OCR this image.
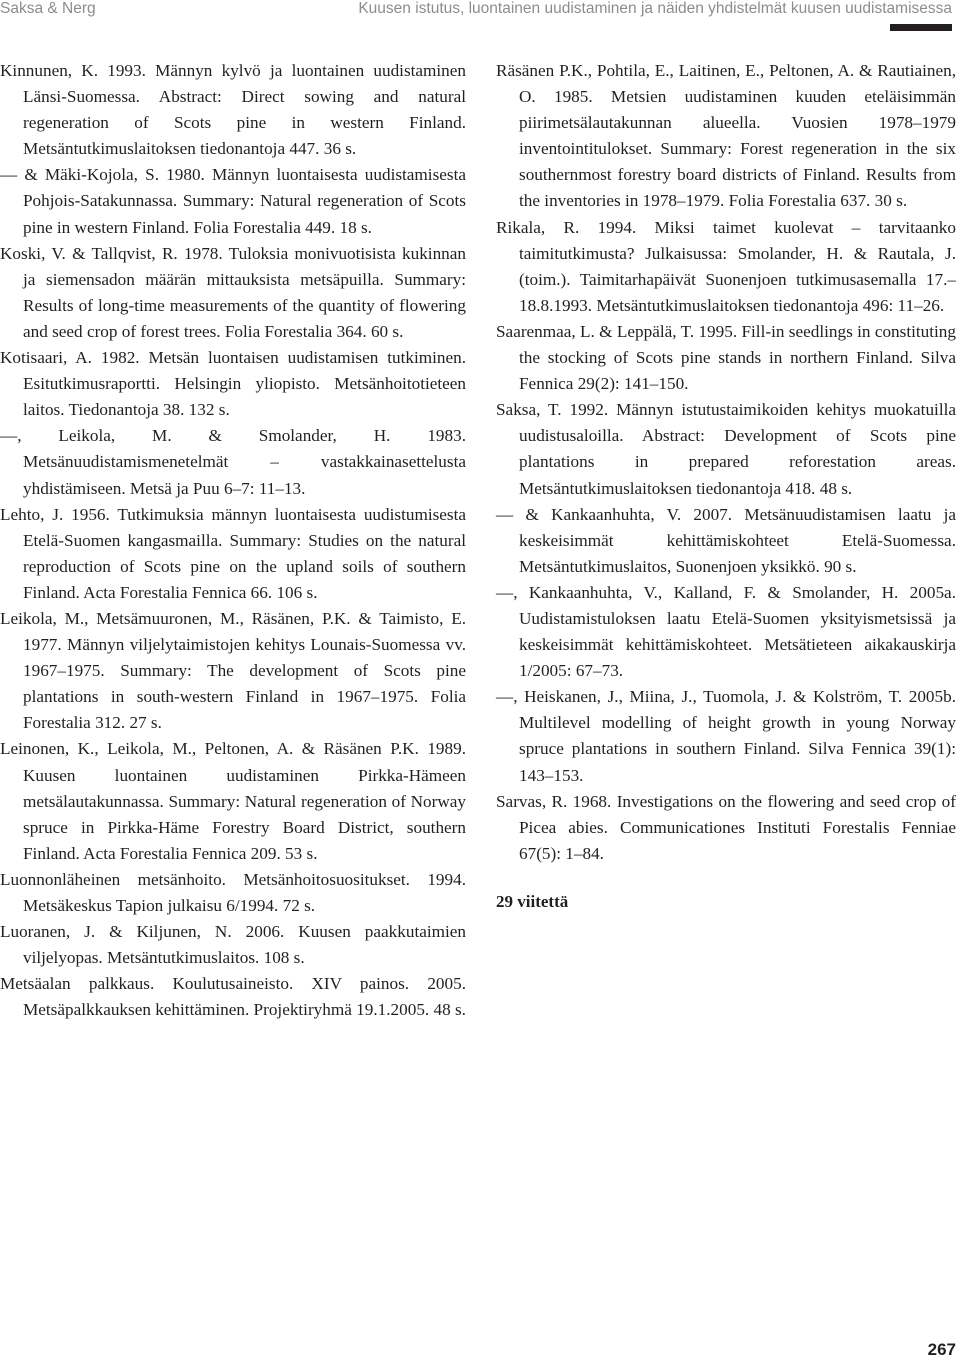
Saksa & Nerg	Kuusen istutus, luontainen uudistaminen ja näiden yhdistelmät kuusen uudistamisessa

Kinnunen, K. 1993. Männyn kylvö ja luontainen uudistaminen Länsi-Suomessa. Abstract: Direct sowing and natural regeneration of Scots pine in western Finland. Metsäntutkimuslaitoksen tiedonantoja 447. 36 s.

— & Mäki-Kojola, S. 1980. Männyn luontaisesta uudistamisesta Pohjois-Satakunnassa. Summary: Natural regeneration of Scots pine in western Finland. Folia Forestalia 449. 18 s.

Koski, V. & Tallqvist, R. 1978. Tuloksia monivuotisista kukinnan ja siemensadon määrän mittauksista metsäpuilla. Summary: Results of long-time measurements of the quantity of flowering and seed crop of forest trees. Folia Forestalia 364. 60 s.

Kotisaari, A. 1982. Metsän luontaisen uudistamisen tutkiminen. Esitutkimusraportti. Helsingin yliopisto. Metsänhoitotieteen laitos. Tiedonantoja 38. 132 s.

—, Leikola, M. & Smolander, H. 1983. Metsänuudistamismenetelmät – vastakkainasettelusta yhdistämiseen. Metsä ja Puu 6–7: 11–13.

Lehto, J. 1956. Tutkimuksia männyn luontaisesta uudistumisesta Etelä-Suomen kangasmailla. Summary: Studies on the natural reproduction of Scots pine on the upland soils of southern Finland. Acta Forestalia Fennica 66. 106 s.

Leikola, M., Metsämuuronen, M., Räsänen, P.K. & Taimisto, E. 1977. Männyn viljelytaimistojen kehitys Lounais-Suomessa vv. 1967–1975. Summary: The development of Scots pine plantations in south-western Finland in 1967–1975. Folia Forestalia 312. 27 s.

Leinonen, K., Leikola, M., Peltonen, A. & Räsänen P.K. 1989. Kuusen luontainen uudistaminen Pirkka-Hämeen metsälautakunnassa. Summary: Natural regeneration of Norway spruce in Pirkka-Häme Forestry Board District, southern Finland. Acta Forestalia Fennica 209. 53 s.

Luonnonläheinen metsänhoito. Metsänhoitosuositukset. 1994. Metsäkeskus Tapion julkaisu 6/1994. 72 s.

Luoranen, J. & Kiljunen, N. 2006. Kuusen paakkutaimien viljelyopas. Metsäntutkimuslaitos. 108 s.

Metsäalan palkkaus. Koulutusaineisto. XIV painos. 2005. Metsäpalkkauksen kehittäminen. Projektiryhmä 19.1.2005. 48 s.

Räsänen P.K., Pohtila, E., Laitinen, E., Peltonen, A. & Rautiainen, O. 1985. Metsien uudistaminen kuuden eteläisimmän piirimetsälautakunnan alueella. Vuosien 1978–1979 inventointitulokset. Summary: Forest regeneration in the six southernmost forestry board districts of Finland. Results from the inventories in 1978–1979. Folia Forestalia 637. 30 s.

Rikala, R. 1994. Miksi taimet kuolevat – tarvitaanko taimitutkimusta? Julkaisussa: Smolander, H. & Rautala, J. (toim.). Taimitarhapäivät Suonenjoen tutkimusasemalla 17.–18.8.1993. Metsäntutkimuslaitoksen tiedonantoja 496: 11–26.

Saarenmaa, L. & Leppälä, T. 1995. Fill-in seedlings in constituting the stocking of Scots pine stands in northern Finland. Silva Fennica 29(2): 141–150.

Saksa, T. 1992. Männyn istutustaimikoiden kehitys muokatuilla uudistusaloilla. Abstract: Development of Scots pine plantations in prepared reforestation areas. Metsäntutkimuslaitoksen tiedonantoja 418. 48 s.

— & Kankaanhuhta, V. 2007. Metsänuudistamisen laatu ja keskeisimmät kehittämiskohteet Etelä-Suomessa. Metsäntutkimuslaitos, Suonenjoen yksikkö. 90 s.

—, Kankaanhuhta, V., Kalland, F. & Smolander, H. 2005a. Uudistamistuloksen laatu Etelä-Suomen yksityismetsissä ja keskeisimmät kehittämiskohteet. Metsätieteen aikakauskirja 1/2005: 67–73.

—, Heiskanen, J., Miina, J., Tuomola, J. & Kolström, T. 2005b. Multilevel modelling of height growth in young Norway spruce plantations in southern Finland. Silva Fennica 39(1): 143–153.

Sarvas, R. 1968. Investigations on the flowering and seed crop of Picea abies. Communicationes Instituti Forestalis Fenniae 67(5): 1–84.

29 viitettä

267
